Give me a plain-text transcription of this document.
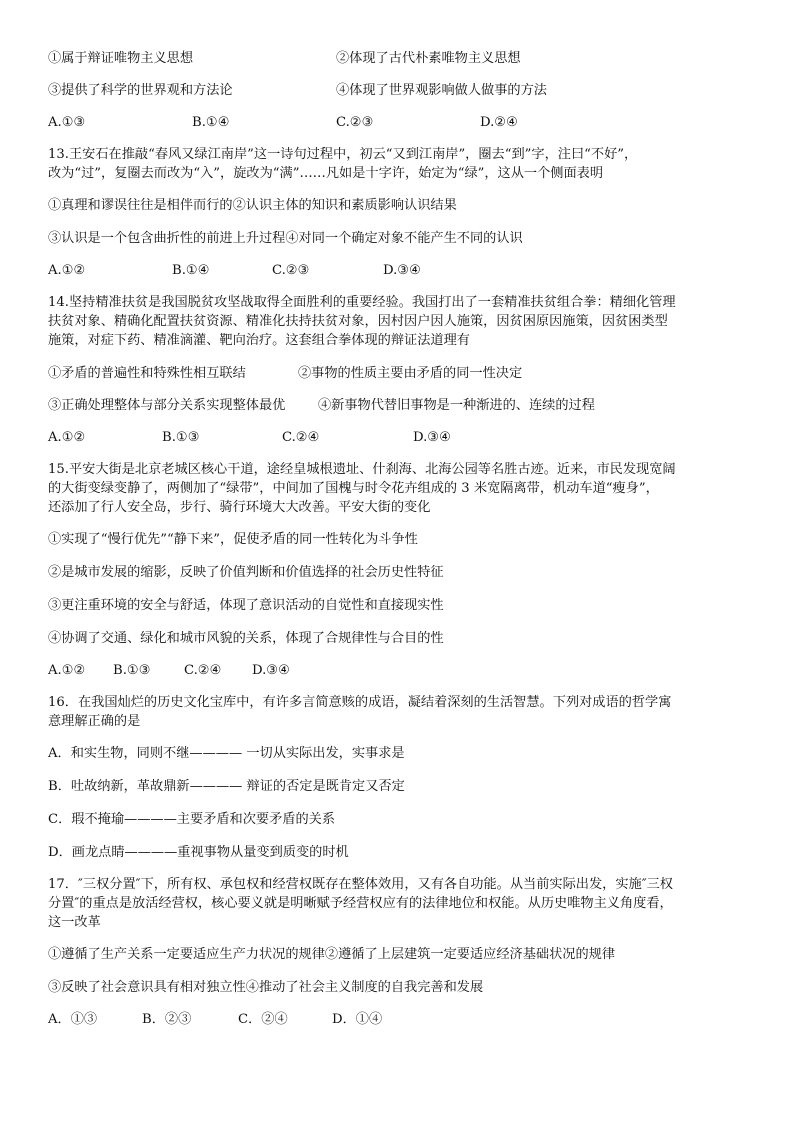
①属于辩证唯物主义思想	②体现了古代朴素唯物主义思想
③提供了科学的世界观和方法论	④体现了世界观影响做人做事的方法
A.①③	B.①④	C.②③	D.②④
13.王安石在推敲“春风又绿江南岸”这一诗句过程中，初云“又到江南岸”，圈去“到”字，注曰“不好”，
改为“过”，复圈去而改为“入”，旋改为“满”……凡如是十字许，始定为“绿”，这从一个侧面表明
①真理和谬误往往是相伴而行的②认识主体的知识和素质影响认识结果
③认识是一个包含曲折性的前进上升过程④对同一个确定对象不能产生不同的认识
A.①②	B.①④	C.②③	D.③④
14.坚持精准扶贫是我国脱贫攻坚战取得全面胜利的重要经验。我国打出了一套精准扶贫组合拳：精细化管理
扶贫对象、精确化配置扶贫资源、精准化扶持扶贫对象，因村因户因人施策，因贫困原因施策，因贫困类型
施策，对症下药、精准滴灌、靶向治疗。这套组合拳体现的辩证法道理有
①矛盾的普遍性和特殊性相互联结	②事物的性质主要由矛盾的同一性决定
③正确处理整体与部分关系实现整体最优 ④新事物代替旧事物是一种渐进的、连续的过程
A.①②	B.①③	C.②④	D.③④
15.平安大街是北京老城区核心干道，途经皇城根遗址、什刹海、北海公园等名胜古迹。近来，市民发现宽阔
的大街变绿变静了，两侧加了“绿带”，中间加了国槐与时令花卉组成的 3 米宽隔离带，机动车道“瘦身”，
还添加了行人安全岛，步行、骑行环境大大改善。平安大街的变化
①实现了“慢行优先”“静下来”，促使矛盾的同一性转化为斗争性
②是城市发展的缩影，反映了价值判断和价值选择的社会历史性特征
③更注重环境的安全与舒适，体现了意识活动的自觉性和直接现实性
④协调了交通、绿化和城市风貌的关系，体现了合规律性与合目的性
A.①② B.①③	C.②④ D.③④
16．在我国灿烂的历史文化宝库中，有许多言简意赅的成语，凝结着深刻的生活智慧。下列对成语的哲学寓
意理解正确的是
A．和实生物，同则不继———— 一切从实际出发，实事求是
B．吐故纳新，革故鼎新———— 辩证的否定是既肯定又否定
C．瑕不掩瑜————主要矛盾和次要矛盾的关系
D．画龙点睛————重视事物从量变到质变的时机
17．″三权分置″下，所有权、承包权和经营权既存在整体效用，又有各自功能。从当前实际出发，实施″三权
分置″的重点是放活经营权，核心要义就是明晰赋予经营权应有的法律地位和权能。从历史唯物主义角度看，
这一改革
①遵循了生产关系一定要适应生产力状况的规律②遵循了上层建筑一定要适应经济基础状况的规律
③反映了社会意识具有相对独立性④推动了社会主义制度的自我完善和发展
A．①③	B．②③	C．②④	D．①④
